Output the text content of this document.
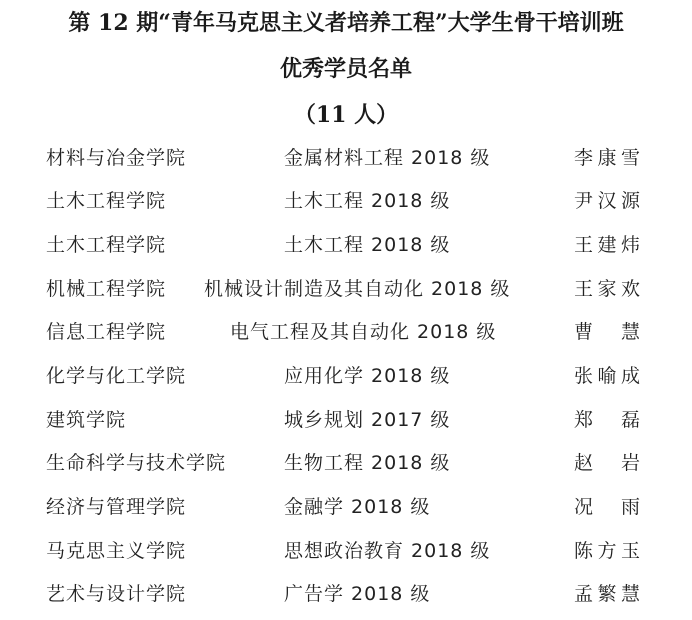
第 12 期“青年马克思主义者培养工程”大学生骨干培训班
优秀学员名单
（11 人）
材料与冶金学院	金属材料工程 2018 级	李康雪
土木工程学院	土木工程 2018 级	尹汉源
土木工程学院	土木工程 2018 级	王建炜
机械工程学院 机械设计制造及其自动化 2018 级	王家欢
信息工程学院	电气工程及其自动化 2018 级	曹慧
化学与化工学院	应用化学 2018 级	张喻成
建筑学院	城乡规划 2017 级	郑磊
生命科学与技术学院	生物工程 2018 级	赵岩
经济与管理学院	金融学 2018 级	况雨
马克思主义学院	思想政治教育 2018 级	陈方玉
艺术与设计学院	广告学 2018 级	孟繁慧
